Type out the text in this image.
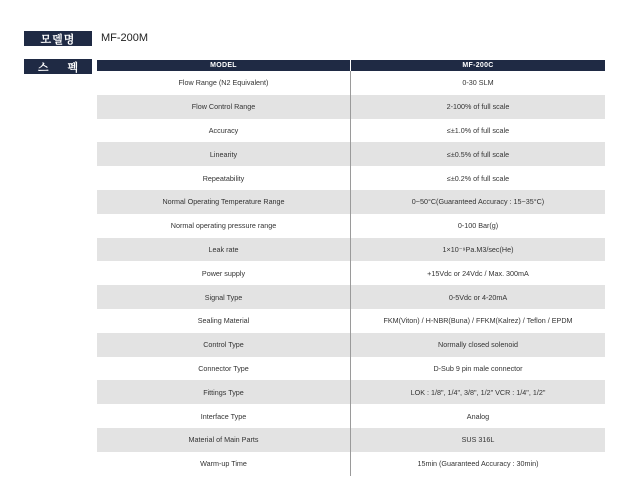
모델명	MF-200M
스 펙	MODEL	MF-200C
Flow Range (N2 Equivalent)	0-30 SLM
Flow Control Range	2-100% of full scale
Accuracy	≤±1.0% of full scale
Linearity	≤±0.5% of full scale
Repeatability	≤±0.2% of full scale
Normal Operating Temperature Range	0~50°C(Guaranteed Accuracy : 15~35°C)
Normal operating pressure range	0-100 Bar(g)
Leak rate	1×10⁻⁹Pa.M3/sec(He)
Power supply	+15Vdc or 24Vdc / Max. 300mA
Signal Type	0-5Vdc or 4-20mA
Sealing Material	FKM(Viton) / H-NBR(Buna) / FFKM(Kalrez) / Teflon / EPDM
Control Type	Normally closed solenoid
Connector Type	D-Sub 9 pin male connector
Fittings Type	LOK : 1/8", 1/4", 3/8", 1/2" VCR : 1/4", 1/2"
Interface Type	Analog
Material of Main Parts	SUS 316L
Warm-up Time	15min (Guaranteed Accuracy : 30min)
